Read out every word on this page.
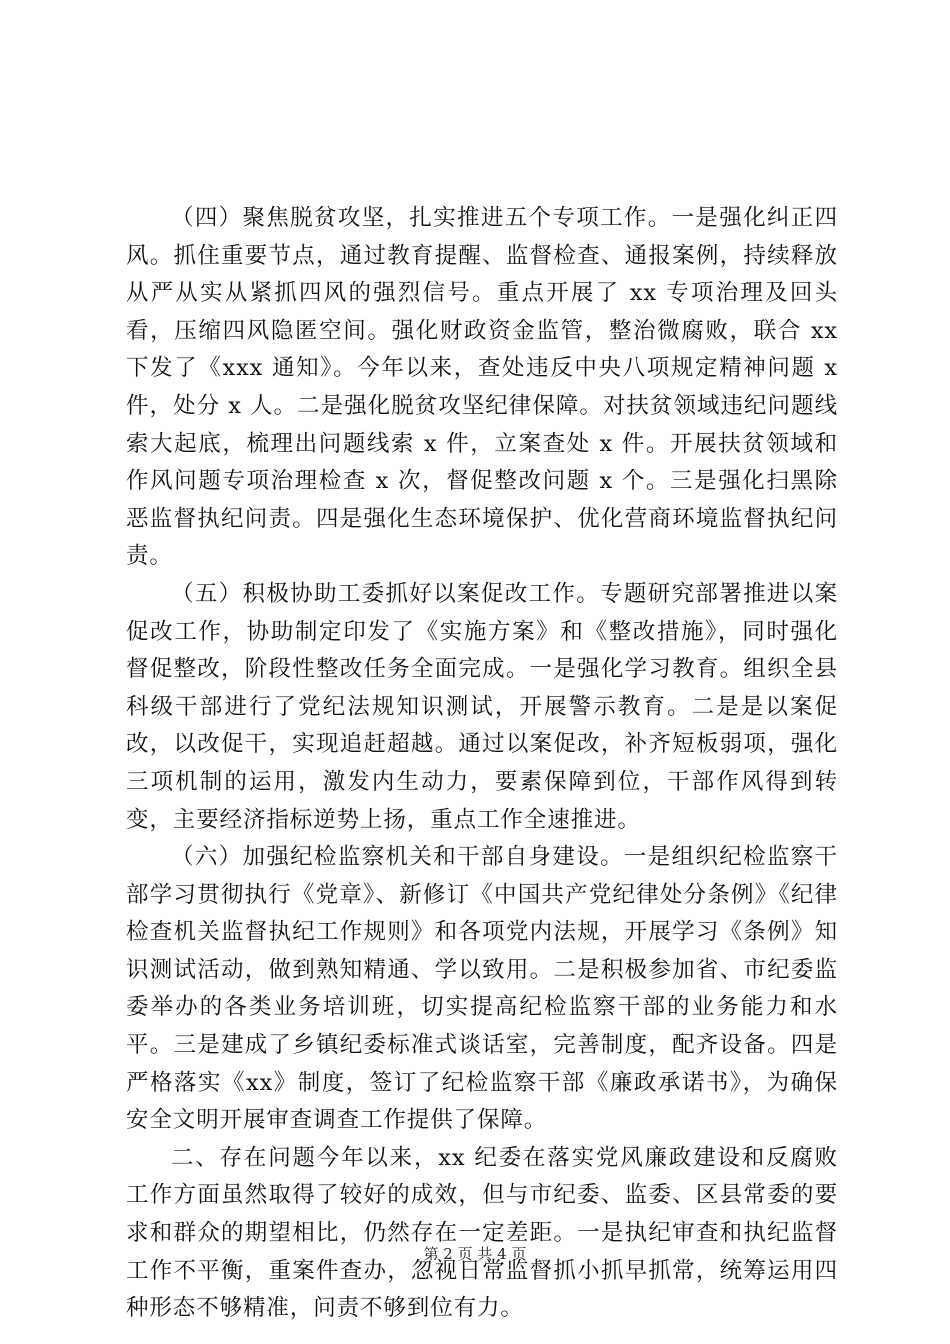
（四）聚焦脱贫攻坚，扎实推进五个专项工作。一是强化纠正四风。抓住重要节点，通过教育提醒、监督检查、通报案例，持续释放从严从实从紧抓四风的强烈信号。重点开展了 xx 专项治理及回头看，压缩四风隐匿空间。强化财政资金监管，整治微腐败，联合 xx 下发了《xxx 通知》。今年以来，查处违反中央八项规定精神问题 x 件，处分 x 人。二是强化脱贫攻坚纪律保障。对扶贫领域违纪问题线索大起底，梳理出问题线索 x 件，立案查处 x 件。开展扶贫领域和作风问题专项治理检查 x 次，督促整改问题 x 个。三是强化扫黑除恶监督执纪问责。四是强化生态环境保护、优化营商环境监督执纪问责。

（五）积极协助工委抓好以案促改工作。专题研究部署推进以案促改工作，协助制定印发了《实施方案》和《整改措施》，同时强化督促整改，阶段性整改任务全面完成。一是强化学习教育。组织全县科级干部进行了党纪法规知识测试，开展警示教育。二是是以案促改，以改促干，实现追赶超越。通过以案促改，补齐短板弱项，强化三项机制的运用，激发内生动力，要素保障到位，干部作风得到转变，主要经济指标逆势上扬，重点工作全速推进。

（六）加强纪检监察机关和干部自身建设。一是组织纪检监察干部学习贯彻执行《党章》、新修订《中国共产党纪律处分条例》《纪律检查机关监督执纪工作规则》和各项党内法规，开展学习《条例》知识测试活动，做到熟知精通、学以致用。二是积极参加省、市纪委监委举办的各类业务培训班，切实提高纪检监察干部的业务能力和水平。三是建成了乡镇纪委标准式谈话室，完善制度，配齐设备。四是严格落实《xx》制度，签订了纪检监察干部《廉政承诺书》，为确保安全文明开展审查调查工作提供了保障。

二、存在问题今年以来，xx 纪委在落实党风廉政建设和反腐败工作方面虽然取得了较好的成效，但与市纪委、监委、区县常委的要求和群众的期望相比，仍然存在一定差距。一是执纪审查和执纪监督工作不平衡，重案件查办，忽视日常监督抓小抓早抓常，统筹运用四种形态不够精准，问责不够到位有力。

第 2 页 共 4 页
